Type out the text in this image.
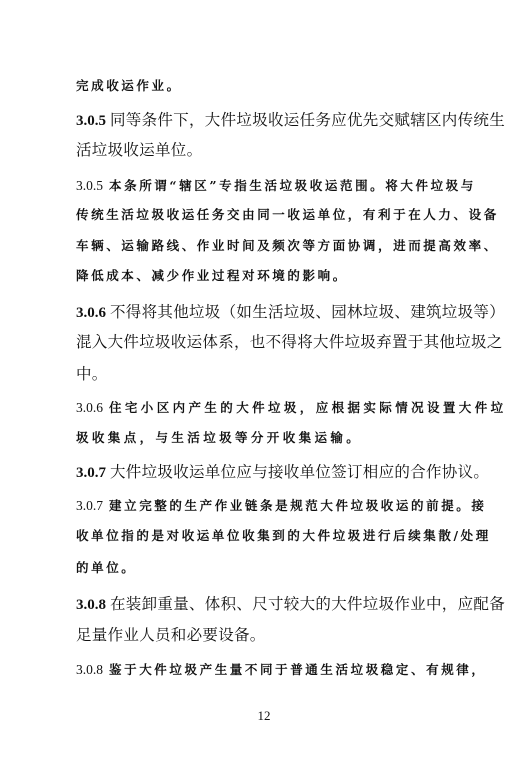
完成收运作业。
3.0.5 同等条件下，大件垃圾收运任务应优先交赋辖区内传统生
活垃圾收运单位。
3.0.5 本条所谓“辖区”专指生活垃圾收运范围。将大件垃圾与
传统生活垃圾收运任务交由同一收运单位，有利于在人力、设备
车辆、运输路线、作业时间及频次等方面协调，进而提高效率、
降低成本、减少作业过程对环境的影响。
3.0.6 不得将其他垃圾（如生活垃圾、园林垃圾、建筑垃圾等）
混入大件垃圾收运体系，也不得将大件垃圾弃置于其他垃圾之
中。
3.0.6 住宅小区内产生的大件垃圾，应根据实际情况设置大件垃
圾收集点，与生活垃圾等分开收集运输。
3.0.7 大件垃圾收运单位应与接收单位签订相应的合作协议。
3.0.7 建立完整的生产作业链条是规范大件垃圾收运的前提。接
收单位指的是对收运单位收集到的大件垃圾进行后续集散/处理
的单位。
3.0.8 在装卸重量、体积、尺寸较大的大件垃圾作业中，应配备
足量作业人员和必要设备。
3.0.8 鉴于大件垃圾产生量不同于普通生活垃圾稳定、有规律，
12
